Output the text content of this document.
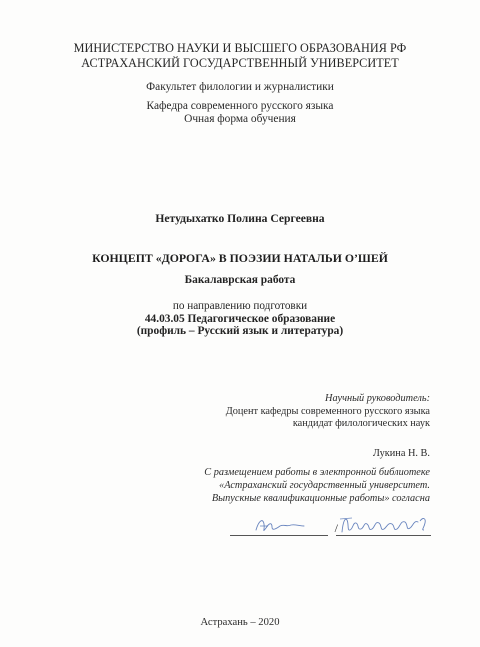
МИНИСТЕРСТВО НАУКИ И ВЫСШЕГО ОБРАЗОВАНИЯ РФ
АСТРАХАНСКИЙ ГОСУДАРСТВЕННЫЙ УНИВЕРСИТЕТ
Факультет филологии и журналистики
Кафедра современного русского языка
Очная форма обучения
Нетудыхатко Полина Сергеевна
КОНЦЕПТ «ДОРОГА» В ПОЭЗИИ НАТАЛЬИ О’ШЕЙ
Бакалаврская работа
по направлению подготовки
44.03.05 Педагогическое образование
(профиль – Русский язык и литература)
Научный руководитель:
Доцент кафедры современного русского языка
кандидат филологических наук
Лукина Н. В.
С размещением работы в электронной библиотеке
«Астраханский государственный университет.
Выпускные квалификационные работы» согласна
/
Астрахань – 2020
